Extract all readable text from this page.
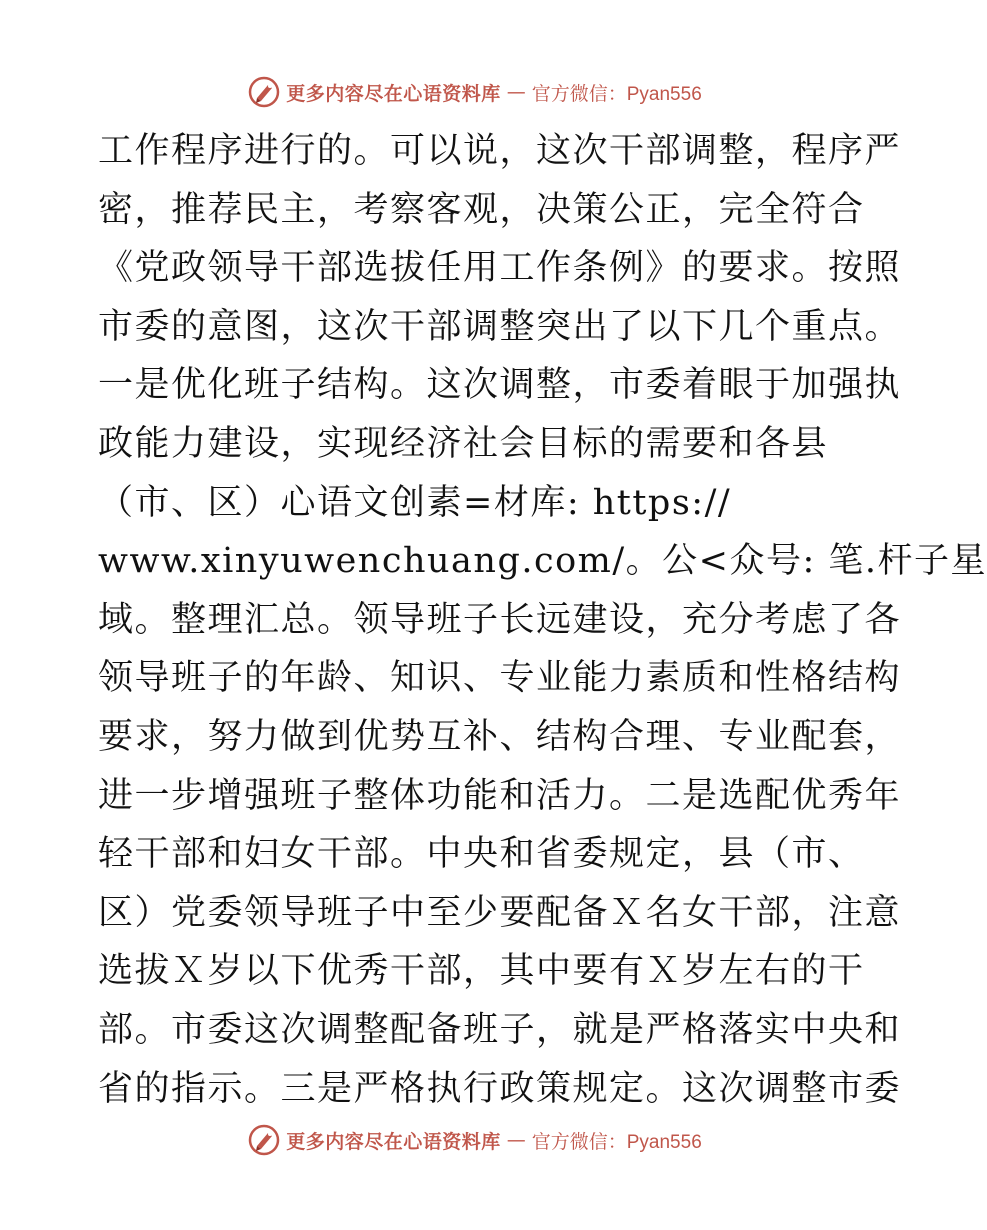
更多内容尽在心语资料库 — 官方微信：Pyan556
工作程序进行的。可以说，这次干部调整，程序严
密，推荐民主，考察客观，决策公正，完全符合
《党政领导干部选拔任用工作条例》的要求。按照
市委的意图，这次干部调整突出了以下几个重点。
一是优化班子结构。这次调整，市委着眼于加强执
政能力建设，实现经济社会目标的需要和各县
（市、区）心语文创素=材库: https://
www.xinyuwenchuang.com/。公<众号: 笔.杆子星
域。整理汇总。领导班子长远建设，充分考虑了各
领导班子的年龄、知识、专业能力素质和性格结构
要求，努力做到优势互补、结构合理、专业配套，
进一步增强班子整体功能和活力。二是选配优秀年
轻干部和妇女干部。中央和省委规定，县（市、
区）党委领导班子中至少要配备Ｘ名女干部，注意
选拔Ｘ岁以下优秀干部，其中要有Ｘ岁左右的干
部。市委这次调整配备班子，就是严格落实中央和
省的指示。三是严格执行政策规定。这次调整市委
更多内容尽在心语资料库 — 官方微信：Pyan556
